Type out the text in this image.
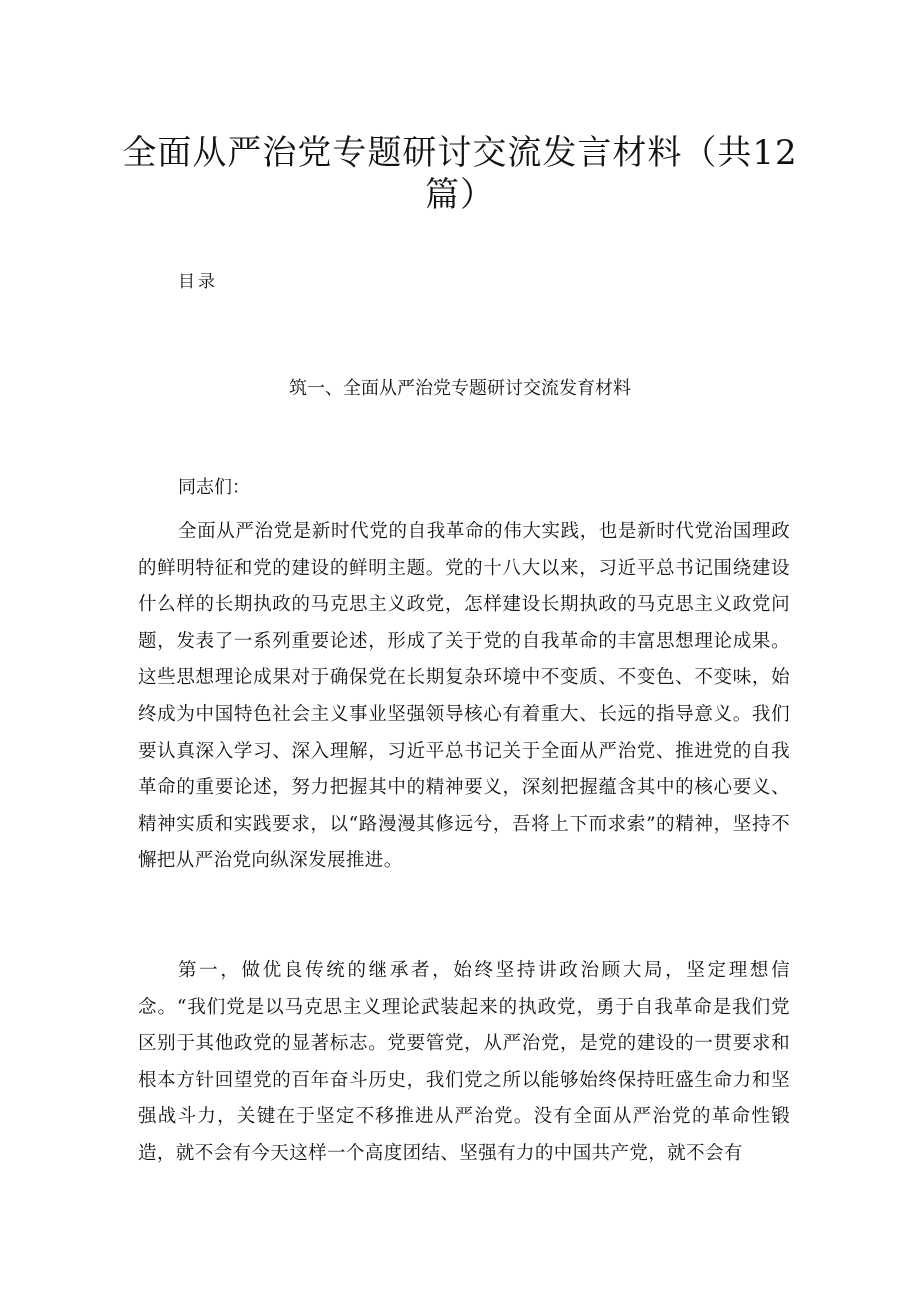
全面从严治党专题研讨交流发言材料（共12篇）
目录
筑一、全面从严治党专题研讨交流发育材料
同志们：

全面从严治党是新时代党的自我革命的伟大实践，也是新时代党治国理政的鲜明特征和党的建设的鲜明主题。党的十八大以来，习近平总书记围绕建设什么样的长期执政的马克思主义政党，怎样建设长期执政的马克思主义政党问题，发表了一系列重要论述，形成了关于党的自我革命的丰富思想理论成果。这些思想理论成果对于确保党在长期复杂环境中不变质、不变色、不变味，始终成为中国特色社会主义事业坚强领导核心有着重大、长远的指导意义。我们要认真深入学习、深入理解，习近平总书记关于全面从严治党、推进党的自我革命的重要论述，努力把握其中的精神要义，深刻把握蕴含其中的核心要义、精神实质和实践要求，以“路漫漫其修远兮，吾将上下而求索”的精神，坚持不懈把从严治党向纵深发展推进。

第一，做优良传统的继承者，始终坚持讲政治顾大局，坚定理想信念。“我们党是以马克思主义理论武装起来的执政党，勇于自我革命是我们党区别于其他政党的显著标志。党要管党，从严治党，是党的建设的一贯要求和根本方针回望党的百年奋斗历史，我们党之所以能够始终保持旺盛生命力和坚强战斗力，关键在于坚定不移推进从严治党。没有全面从严治党的革命性锻造，就不会有今天这样一个高度团结、坚强有力的中国共产党，就不会有
